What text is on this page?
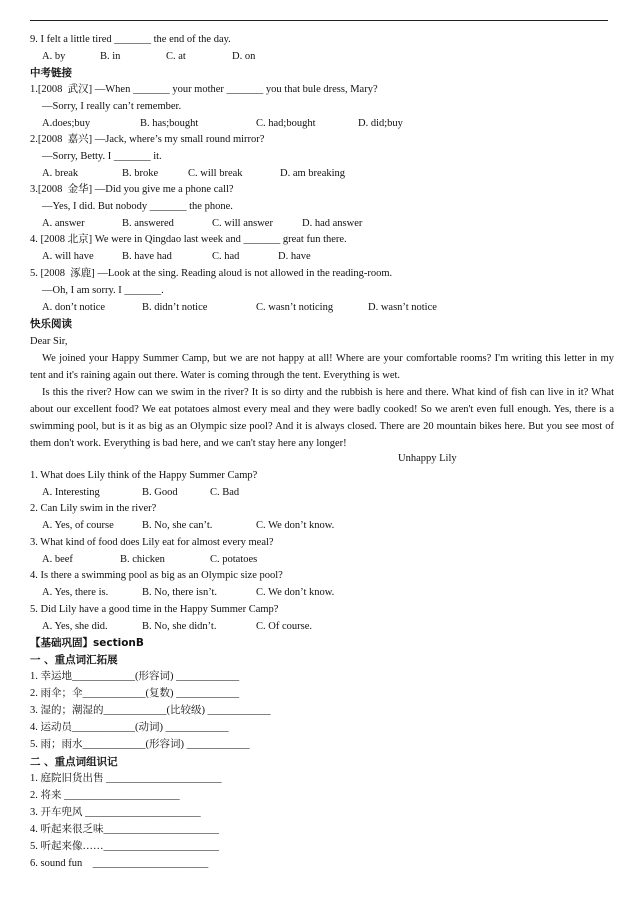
9. I felt a little tired _______ the end of the day.

A. by

	B. in

	C. at

	D. on

中考链接
1.[2008  武汉] —When _______ your mother _______ you that bule dress, Mary?
—Sorry, I really can’t remember.

A.does;buy

	B. has;bought

	C. had;bought

	D. did;buy

2.[2008  嘉兴] —Jack, where’s my small round mirror?
—Sorry, Betty. I _______ it.

A. break

	B. broke

	C. will break

	D. am breaking

3.[2008  金华] —Did you give me a phone call?
—Yes, I did. But nobody _______ the phone.

A. answer

	B. answered

	C. will answer

	D. had answer

4. [2008 北京] We were in Qingdao last week and _______ great fun there.

A. will have

	B. have had

	C. had

	D. have

5. [2008  涿鹿] —Look at the sing. Reading aloud is not allowed in the reading-room.
—Oh, I am sorry. I _______.

A. don’t notice

	B. didn’t notice

	C. wasn’t noticing

	D. wasn’t notice

快乐阅读
Dear Sir,
We joined your Happy Summer Camp, but we are not happy at all! Where are your comfortable rooms? I'm writing this letter in my tent and it's raining again out there. Water is coming through the tent. Everything is wet.
Is this the river? How can we swim in the river? It is so dirty and the rubbish is here and there. What kind of fish can live in it? What about our excellent food? We eat potatoes almost every meal and they were badly cooked! So we aren't even full enough. Yes, there is a swimming pool, but is it as big as an Olympic size pool? And it is always closed. There are 20 mountain bikes here. But you see most of them don't work. Everything is bad here, and we can't stay here any longer!
Unhappy Lily
1. What does Lily think of the Happy Summer Camp?

A. Interesting

	B. Good

	C. Bad

2. Can Lily swim in the river?

A. Yes, of course

	B. No, she can’t.

	C. We don’t know.

3. What kind of food does Lily eat for almost every meal?

A. beef

	B. chicken

	C. potatoes

4. Is there a swimming pool as big as an Olympic size pool?

A. Yes, there is.

	B. No, there isn’t.

	C. We don’t know.

5. Did Lily have a good time in the Happy Summer Camp?

A. Yes, she did.

	B. No, she didn’t.

	C. Of course.

【基础巩固】sectionB
一 、重点词汇拓展
1. 幸运地____________(形容词) ____________
2. 雨伞；伞____________(复数) ____________
3. 湿的；潮湿的____________(比较级) ____________
4. 运动员____________(动词) ____________
5. 雨；雨水____________(形容词) ____________
二 、重点词组识记
1. 庭院旧货出售 ______________________
2. 将来 ______________________
3. 开车兜风 ______________________
4. 听起来很乏味______________________
5. 听起来像……______________________
6. sound fun    ______________________
